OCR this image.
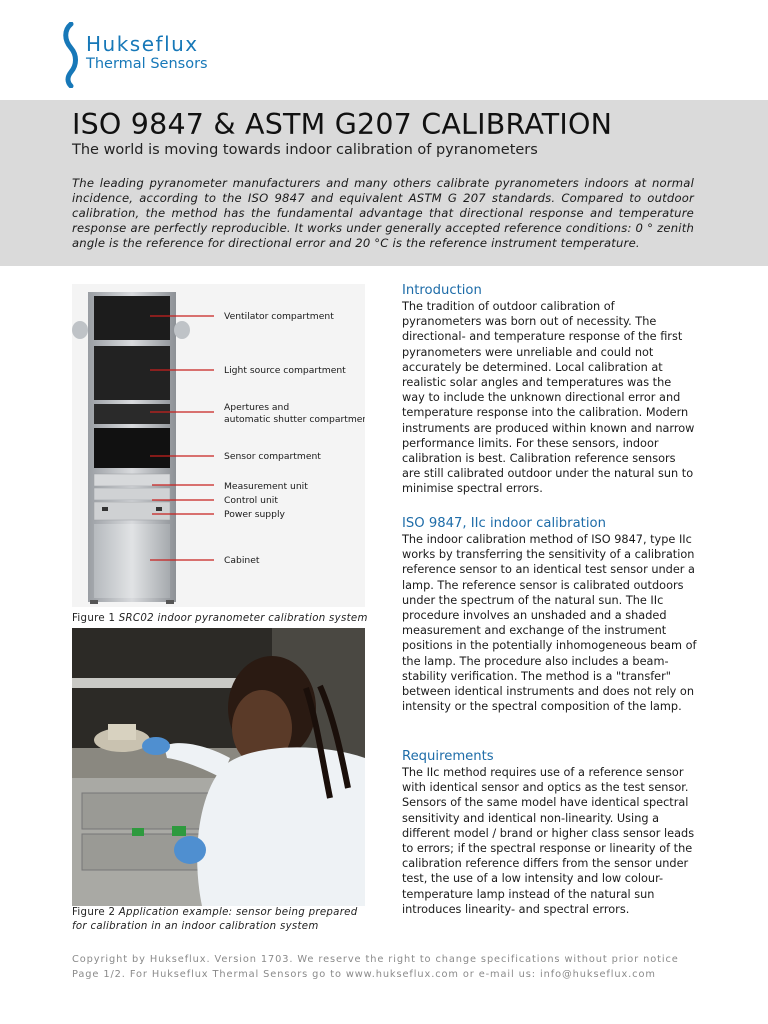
Hukseflux
Thermal Sensors
ISO 9847 & ASTM G207 CALIBRATION
The world is moving towards indoor calibration of pyranometers
The leading pyranometer manufacturers and many others calibrate pyranometers indoors at normal incidence, according to the ISO 9847 and equivalent ASTM G 207 standards. Compared to outdoor calibration, the method has the fundamental advantage that directional response and temperature response are perfectly reproducible. It works under generally accepted reference conditions: 0 ° zenith angle is the reference for directional error and 20 °C is the reference instrument temperature.
Ventilator compartment
Light source compartment
Apertures and
automatic shutter compartment
Sensor compartment
Measurement unit
Control unit
Power supply
Cabinet
Figure 1 SRC02 indoor pyranometer calibration system
Figure 2 Application example: sensor being prepared
for calibration in an indoor calibration system
Introduction

The tradition of outdoor calibration of pyranometers was born out of necessity. The directional- and temperature response of the first pyranometers were unreliable and could not accurately be determined. Local calibration at realistic solar angles and temperatures was the way to include the unknown directional error and temperature response into the calibration. Modern instruments are produced within known and narrow performance limits. For these sensors, indoor calibration is best. Calibration reference sensors are still calibrated outdoor under the natural sun to minimise spectral errors.

ISO 9847, IIc indoor calibration

The indoor calibration method of ISO 9847, type IIc works by transferring the sensitivity of a calibration reference sensor to an identical test sensor under a lamp. The reference sensor is calibrated outdoors under the spectrum of the natural sun. The IIc procedure involves an unshaded and a shaded measurement and exchange of the instrument positions in the potentially inhomogeneous beam of the lamp. The procedure also includes a beam-stability verification. The method is a "transfer" between identical instruments and does not rely on intensity or the spectral composition of the lamp.

Requirements

The IIc method requires use of a reference sensor with identical sensor and optics as the test sensor. Sensors of the same model have identical spectral sensitivity and identical non-linearity. Using a different model / brand or higher class sensor leads to errors; if the spectral response or linearity of the calibration reference differs from the sensor under test, the use of a low intensity and low colour-temperature lamp instead of the natural sun introduces linearity- and spectral errors.

Copyright by Hukseflux. Version 1703. We reserve the right to change specifications without prior notice
Page 1/2. For Hukseflux Thermal Sensors go to www.hukseflux.com or e-mail us: info@hukseflux.com
